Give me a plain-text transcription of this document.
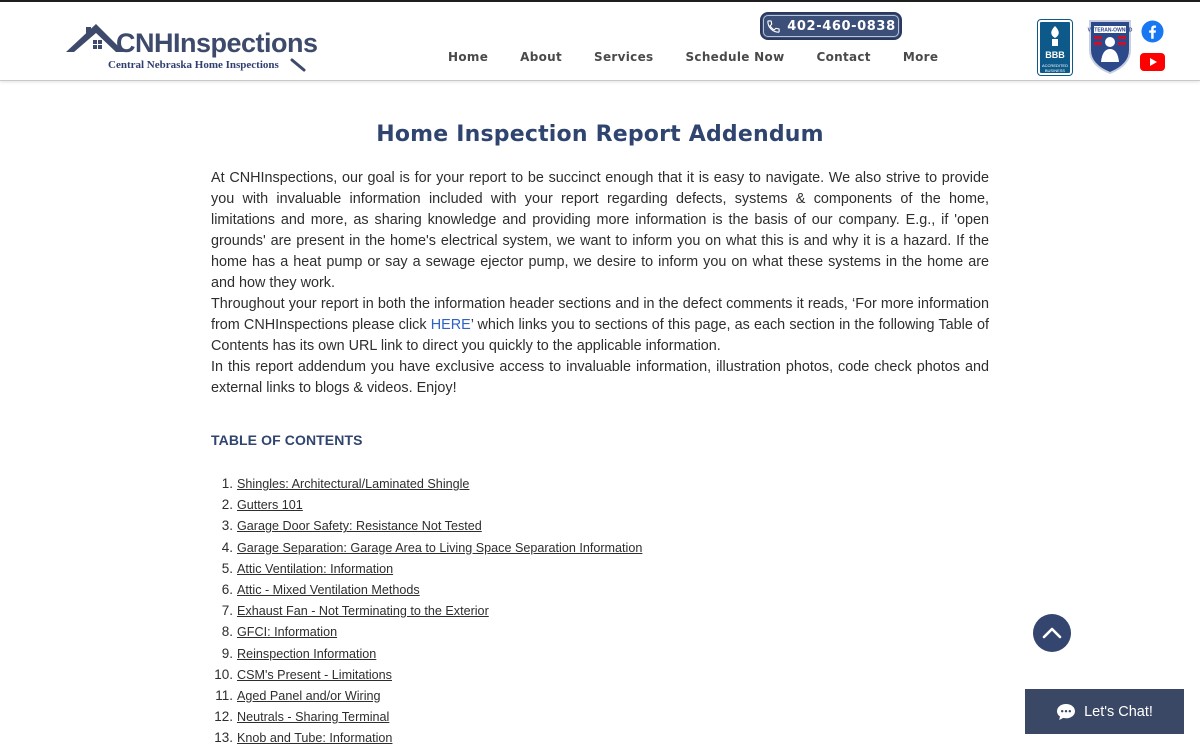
CNHInspections
Central Nebraska Home Inspections
402-460-0838
Home	About	Services	Schedule Now	Contact	More	BBB
ACCREDITED BUSINESS
VETERAN-OWNED
Home Inspection Report Addendum

At CNHInspections, our goal is for your report to be succinct enough that it is easy to navigate. We also strive to provide you with invaluable information included with your report regarding defects, systems & components of the home, limitations and more, as sharing knowledge and providing more information is the basis of our company. E.g., if 'open grounds' are present in the home's electrical system, we want to inform you on what this is and why it is a hazard. If the home has a heat pump or say a sewage ejector pump, we desire to inform you on what these systems in the home are and how they work.

Throughout your report in both the information header sections and in the defect comments it reads, ‘For more information from CNHInspections please click HERE’ which links you to sections of this page, as each section in the following Table of Contents has its own URL link to direct you quickly to the applicable information.

In this report addendum you have exclusive access to invaluable information, illustration photos, code check photos and external links to blogs & videos. Enjoy!

TABLE OF CONTENTS
1. Shingles: Architectural/Laminated Shingle
2. Gutters 101
3. Garage Door Safety: Resistance Not Tested
4. Garage Separation: Garage Area to Living Space Separation Information
5. Attic Ventilation: Information
6. Attic - Mixed Ventilation Methods
7. Exhaust Fan - Not Terminating to the Exterior
8. GFCI: Information
9. Reinspection Information
10. CSM's Present - Limitations
11. Aged Panel and/or Wiring
12. Neutrals - Sharing Terminal
13. Knob and Tube: Information
Let's Chat!
